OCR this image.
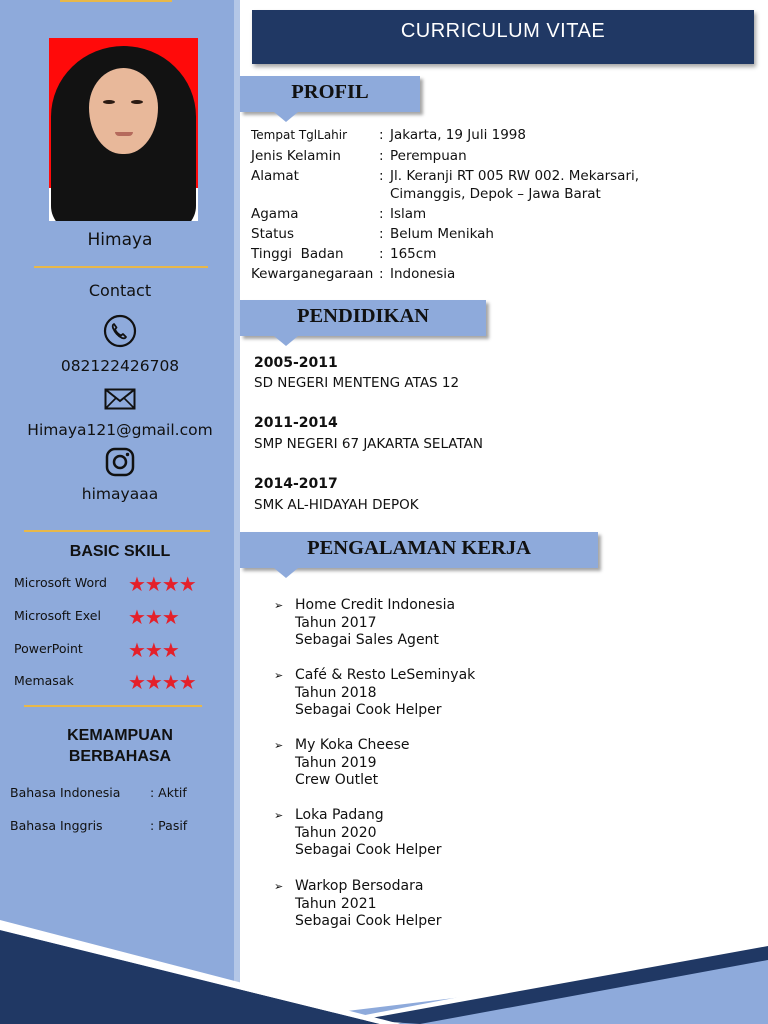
Himaya
Contact
082122426708
Himaya121@gmail.com
himayaaa
BASIC SKILL
Microsoft Word ★★★★
Microsoft Exel ★★★
PowerPoint ★★★
Memasak	★★★★
KEMAMPUAN
BERBAHASA
Bahasa Indonesia : Aktif
Bahasa Inggris	: Pasif
CURRICULUM VITAE
PROFIL
Tempat TglLahir : Jakarta, 19 Juli 1998
Jenis Kelamin	: Perempuan
Alamat	: Jl. Keranji RT 005 RW 002. Mekarsari,
Cimanggis, Depok – Jawa Barat
Agama	: Islam
Status	: Belum Menikah
Tinggi  Badan	: 165cm
Kewarganegaraan : Indonesia
PENDIDIKAN
2005-2011
SD NEGERI MENTENG ATAS 12
2011-2014
SMP NEGERI 67 JAKARTA SELATAN
2014-2017
SMK AL-HIDAYAH DEPOK
PENGALAMAN KERJA
➢ Home Credit Indonesia
Tahun 2017
Sebagai Sales Agent
➢ Café & Resto LeSeminyak
Tahun 2018
Sebagai Cook Helper
➢ My Koka Cheese
Tahun 2019
Crew Outlet
➢ Loka Padang
Tahun 2020
Sebagai Cook Helper
➢ Warkop Bersodara
Tahun 2021
Sebagai Cook Helper
